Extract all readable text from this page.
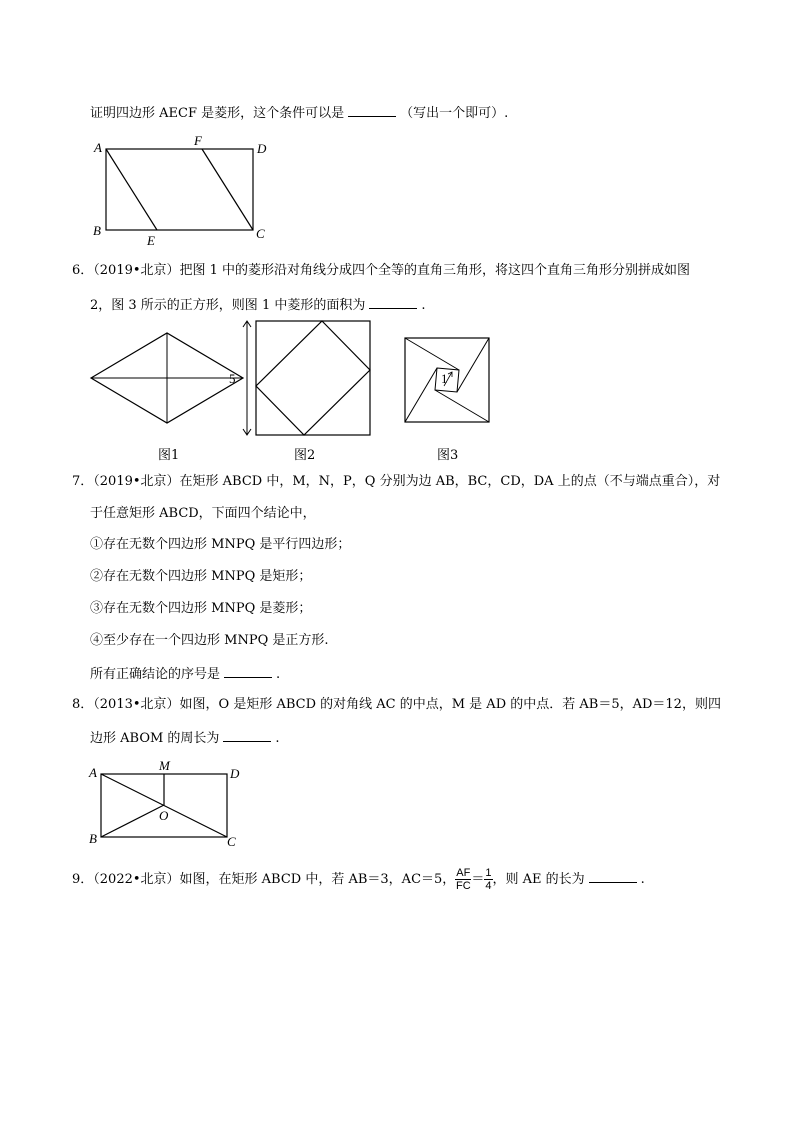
证明四边形 AECF 是菱形，这个条件可以是	（写出一个即可）.
A	F
D
B
E	C
6．（2019•北京）把图 1 中的菱形沿对角线分成四个全等的直角三角形，将这四个直角三角形分别拼成如图
2，图 3 所示的正方形，则图 1 中菱形的面积为	.
5	1
图1	图2	图3
7．（2019•北京）在矩形 ABCD 中，M，N，P，Q 分别为边 AB，BC，CD，DA 上的点（不与端点重合），对
于任意矩形 ABCD，下面四个结论中，
①存在无数个四边形 MNPQ 是平行四边形；
②存在无数个四边形 MNPQ 是矩形；
③存在无数个四边形 MNPQ 是菱形；
④至少存在一个四边形 MNPQ 是正方形.
所有正确结论的序号是	.
8．（2013•北京）如图，O 是矩形 ABCD 的对角线 AC 的中点，M 是 AD 的中点．若 AB＝5，AD＝12，则四
边形 ABOM 的周长为	.
A	M
D
O
B	C
9．（2022•北京）如图，在矩形 ABCD 中，若 AB＝3，AC＝5， $\frac{AF}{FC} = \frac{1}{4}$ ，则 AE 的长为	.
